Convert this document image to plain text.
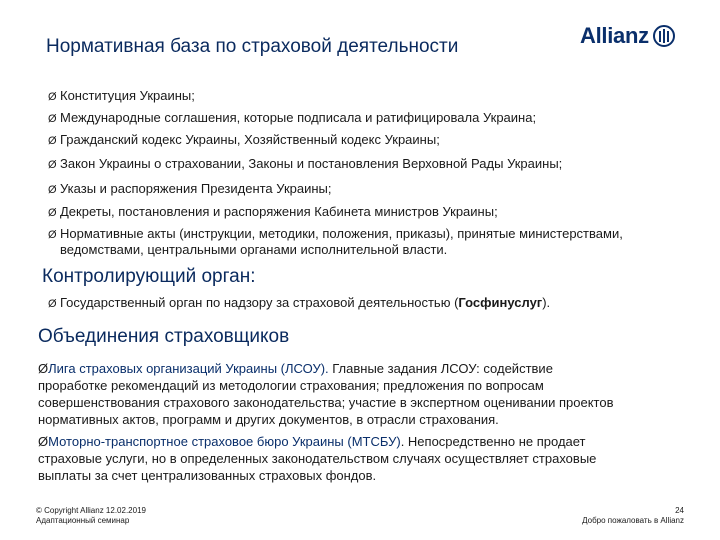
Нормативная база по страховой деятельности	Allianz
Ø Конституция Украины;
Ø Международные соглашения, которые подписала и ратифицировала Украина;
Ø Гражданский кодекс Украины, Хозяйственный кодекс Украины;
Ø Закон Украины о страховании, Законы и постановления Верховной Рады Украины;
Ø Указы и распоряжения Президента Украины;
Ø Декреты, постановления и распоряжения Кабинета министров Украины;
Ø Нормативные акты (инструкции, методики, положения, приказы), принятые министерствами,
ведомствами, центральными органами исполнительной власти.
Контролирующий орган:
Ø Государственный орган по надзору за страховой деятельностью (Госфинуслуг).
Объединения страховщиков
ØЛига страховых организаций Украины (ЛСОУ). Главные задания ЛСОУ: содействие
проработке рекомендаций из методологии страхования; предложения по вопросам
совершенствования страхового законодательства; участие в экспертном оценивании проектов
нормативных актов, программ и других документов, в отрасли страхования.
ØМоторно-транспортное страховое бюро Украины (МТСБУ). Непосредственно не продает
страховые услуги, но в определенных законодательством случаях осуществляет страховые
выплаты за счет централизованных страховых фондов.
© Copyright Allianz 12.02.2019
Адаптационный семинар
24
Добро пожаловать в Allianz
